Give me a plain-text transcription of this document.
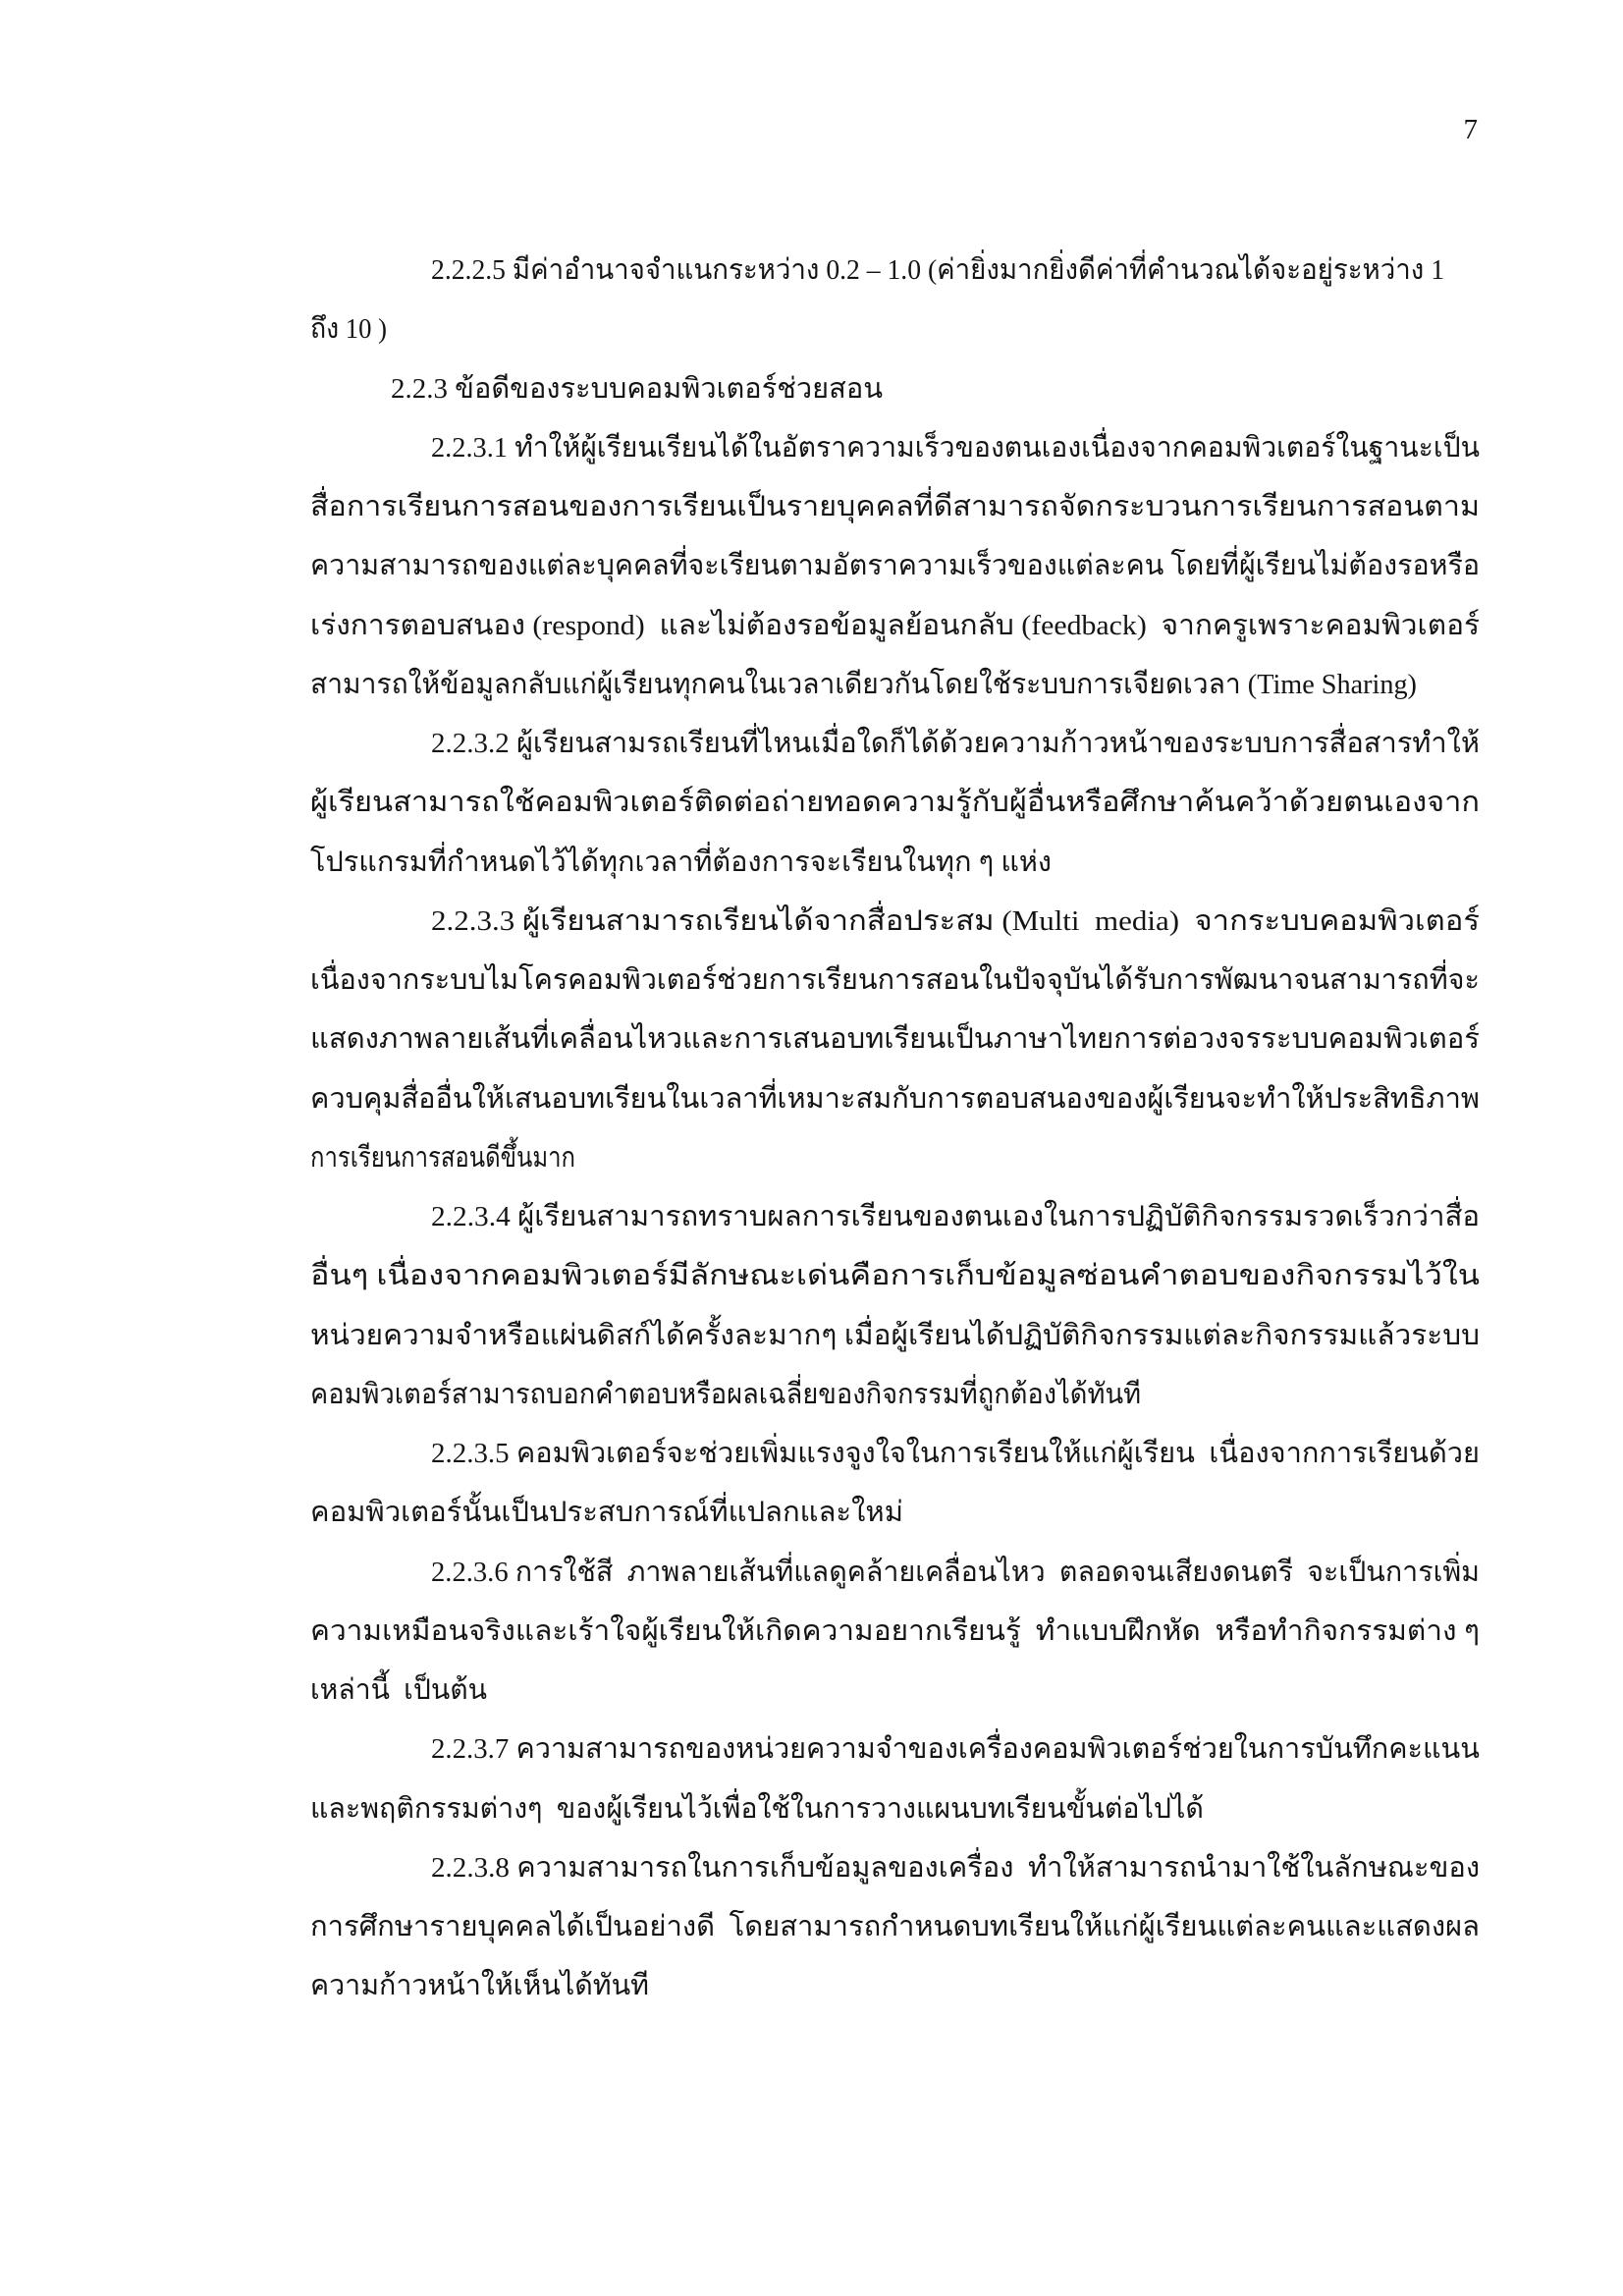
7
2.2.2.5 มีค่าอำนาจจำแนกระหว่าง 0.2 – 1.0 (ค่ายิ่งมากยิ่งดีค่าที่คำนวณได้จะอยู่ระหว่าง 1
ถึง 10 )
2.2.3 ข้อดีของระบบคอมพิวเตอร์ช่วยสอน
2.2.3.1 ทำให้ผู้เรียนเรียนได้ในอัตราความเร็วของตนเองเนื่องจากคอมพิวเตอร์ในฐานะเป็น
สื่อการเรียนการสอนของการเรียนเป็นรายบุคคลที่ดีสามารถจัดกระบวนการเรียนการสอนตาม
ความสามารถของแต่ละบุคคลที่จะเรียนตามอัตราความเร็วของแต่ละคน โดยที่ผู้เรียนไม่ต้องรอหรือ
เร่งการตอบสนอง (respond)  และไม่ต้องรอข้อมูลย้อนกลับ (feedback)  จากครูเพราะคอมพิวเตอร์
สามารถให้ข้อมูลกลับแก่ผู้เรียนทุกคนในเวลาเดียวกันโดยใช้ระบบการเจียดเวลา (Time Sharing)
2.2.3.2 ผู้เรียนสามรถเรียนที่ไหนเมื่อใดก็ได้ด้วยความก้าวหน้าของระบบการสื่อสารทำให้
ผู้เรียนสามารถใช้คอมพิวเตอร์ติดต่อถ่ายทอดความรู้กับผู้อื่นหรือศึกษาค้นคว้าด้วยตนเองจาก
โปรแกรมที่กำหนดไว้ได้ทุกเวลาที่ต้องการจะเรียนในทุก ๆ แห่ง
2.2.3.3 ผู้เรียนสามารถเรียนได้จากสื่อประสม (Multi  media)  จากระบบคอมพิวเตอร์
เนื่องจากระบบไมโครคอมพิวเตอร์ช่วยการเรียนการสอนในปัจจุบันได้รับการพัฒนาจนสามารถที่จะ
แสดงภาพลายเส้นที่เคลื่อนไหวและการเสนอบทเรียนเป็นภาษาไทยการต่อวงจรระบบคอมพิวเตอร์
ควบคุมสื่ออื่นให้เสนอบทเรียนในเวลาที่เหมาะสมกับการตอบสนองของผู้เรียนจะทำให้ประสิทธิภาพ
การเรียนการสอนดีขึ้นมาก
2.2.3.4 ผู้เรียนสามารถทราบผลการเรียนของตนเองในการปฏิบัติกิจกรรมรวดเร็วกว่าสื่อ
อื่นๆ เนื่องจากคอมพิวเตอร์มีลักษณะเด่นคือการเก็บข้อมูลซ่อนคำตอบของกิจกรรมไว้ใน
หน่วยความจำหรือแผ่นดิสก์ได้ครั้งละมากๆ เมื่อผู้เรียนได้ปฏิบัติกิจกรรมแต่ละกิจกรรมแล้วระบบ
คอมพิวเตอร์สามารถบอกคำตอบหรือผลเฉลี่ยของกิจกรรมที่ถูกต้องได้ทันที
2.2.3.5 คอมพิวเตอร์จะช่วยเพิ่มแรงจูงใจในการเรียนให้แก่ผู้เรียน  เนื่องจากการเรียนด้วย
คอมพิวเตอร์นั้นเป็นประสบการณ์ที่แปลกและใหม่
2.2.3.6 การใช้สี  ภาพลายเส้นที่แลดูคล้ายเคลื่อนไหว  ตลอดจนเสียงดนตรี  จะเป็นการเพิ่ม
ความเหมือนจริงและเร้าใจผู้เรียนให้เกิดความอยากเรียนรู้  ทำแบบฝึกหัด  หรือทำกิจกรรมต่าง ๆ
เหล่านี้  เป็นต้น
2.2.3.7 ความสามารถของหน่วยความจำของเครื่องคอมพิวเตอร์ช่วยในการบันทึกคะแนน
และพฤติกรรมต่างๆ  ของผู้เรียนไว้เพื่อใช้ในการวางแผนบทเรียนขั้นต่อไปได้
2.2.3.8 ความสามารถในการเก็บข้อมูลของเครื่อง  ทำให้สามารถนำมาใช้ในลักษณะของ
การศึกษารายบุคคลได้เป็นอย่างดี  โดยสามารถกำหนดบทเรียนให้แก่ผู้เรียนแต่ละคนและแสดงผล
ความก้าวหน้าให้เห็นได้ทันที
